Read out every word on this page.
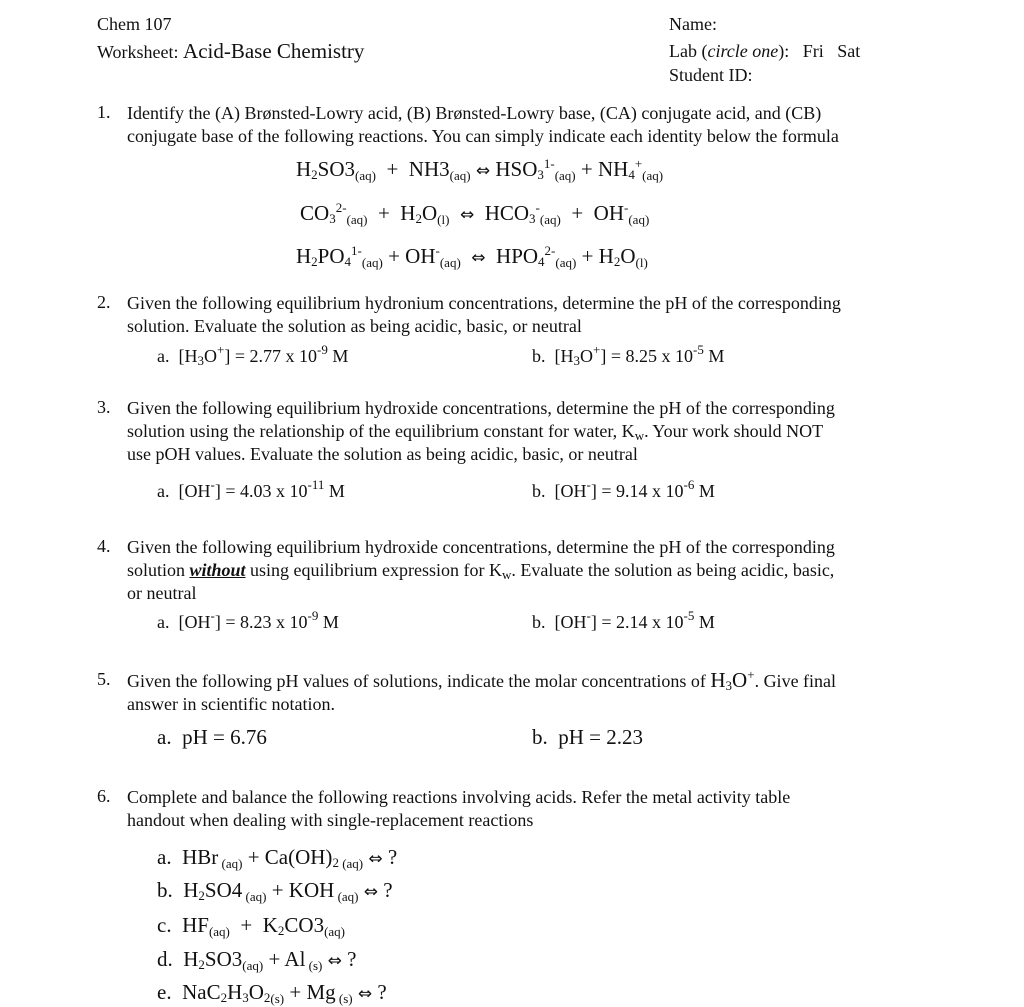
Chem 107
Worksheet: Acid-Base Chemistry
Name:
Lab (circle one): Fri Sat
Student ID:
1. Identify the (A) Brønsted-Lowry acid, (B) Brønsted-Lowry base, (CA) conjugate acid, and (CB)
conjugate base of the following reactions. You can simply indicate each identity below the formula
$H_2SO3(aq) + NH3(aq)$ ⇔ $HSO_3^{1-}(aq) + NH_4^+(aq)$
$CO_3^{2-}(aq) + H_2O(l)$ ⇔  $HCO_3^-(aq) + OH^-(aq)$
$H_2PO_4^{1-}(aq) + OH^-(aq)$ ⇔  $HPO_4^{2-}(aq) + H_2O(l)$
2. Given the following equilibrium hydronium concentrations, determine the pH of the corresponding
solution. Evaluate the solution as being acidic, basic, or neutral
a.  $[H_3O^+] = 2.77$ x $10^{-9}$ M	b.  $[H_3O^+] = 8.25$ x $10^{-5}$ M
3. Given the following equilibrium hydroxide concentrations, determine the pH of the corresponding
solution using the relationship of the equilibrium constant for water, $K_w$. Your work should NOT
use pOH values. Evaluate the solution as being acidic, basic, or neutral
a.  [OH-] = 4.03 x $10^{-11}$ M	b.  [OH-] = 9.14 x $10^{-6}$ M
4. Given the following equilibrium hydroxide concentrations, determine the pH of the corresponding
solution without using equilibrium expression for $K_w$. Evaluate the solution as being acidic, basic,
or neutral
a.  [OH-] = 8.23 x $10^{-9}$ M	b.  [OH-] = 2.14 x $10^{-5}$ M
5. Given the following pH values of solutions, indicate the molar concentrations of $H_3O^+$. Give final
answer in scientific notation.
a. pH = 6.76	b. pH = 2.23
6. Complete and balance the following reactions involving acids. Refer the metal activity table
handout when dealing with single-replacement reactions
a.  HBr $(aq) + Ca(OH)_2$ (aq) ⇔ ?
b.  $H_2SO4$ (aq) + KOH (aq) ⇔ ?
c.  $HF(aq) + K_2CO3(aq)$
d.  $H_2SO3(aq) + Al$ (s) ⇔ ?
e.  $NaC_2H_3O_2(s) + Mg$ (s) ⇔ ?
